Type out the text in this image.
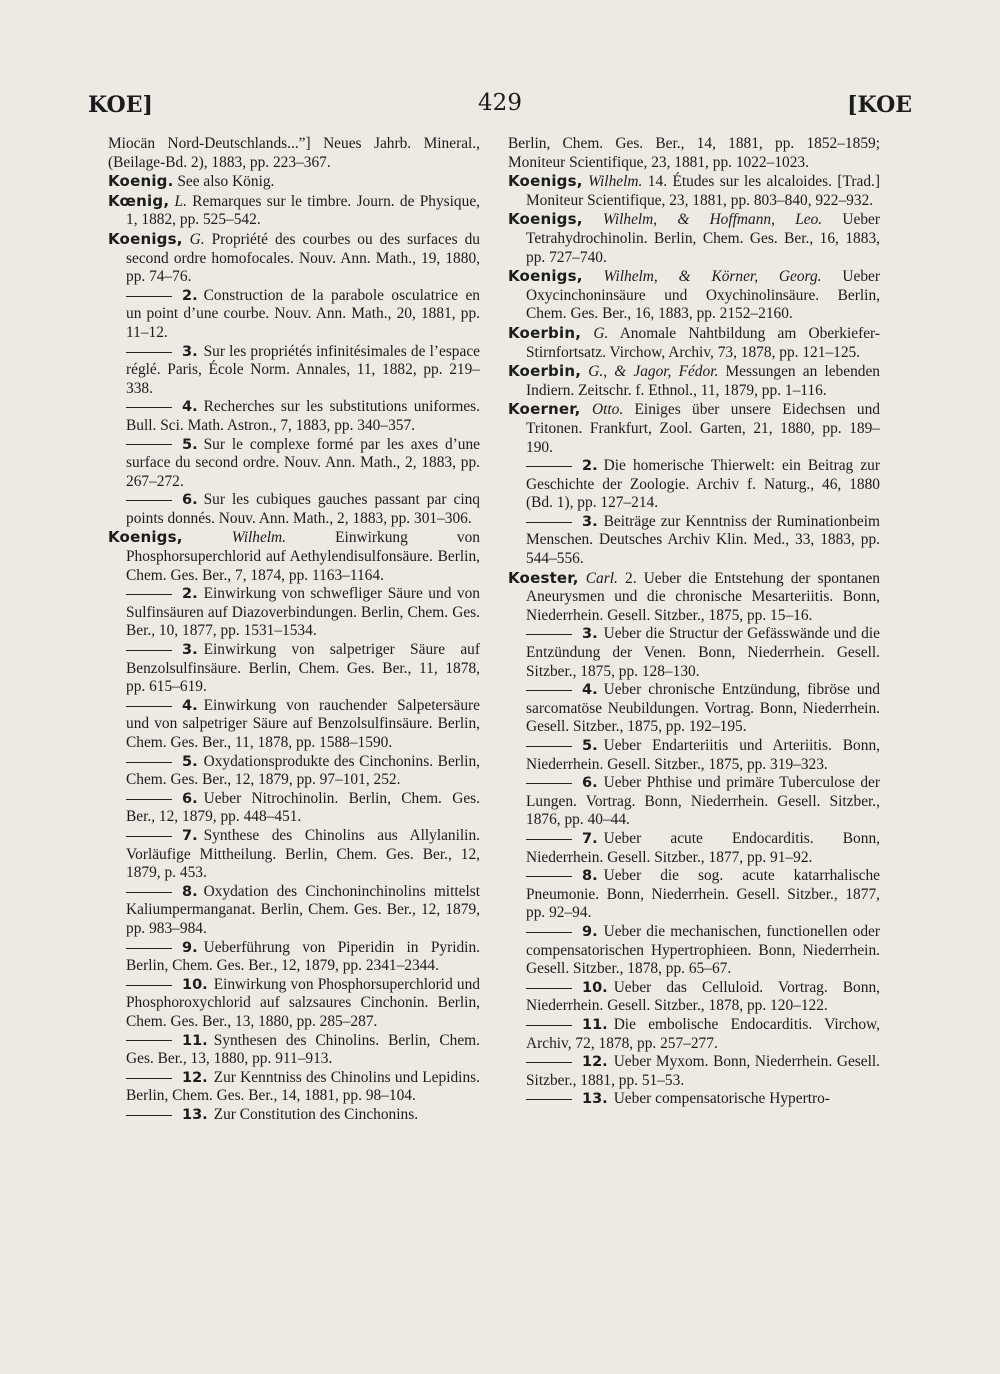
KOE]	429	[KOE

Miocän Nord-Deutschlands...”] Neues Jahrb. Mineral., (Beilage-Bd. 2), 1883, pp. 223–367.

Koenig. See also König.

Kœnig, L. Remarques sur le timbre. Journ. de Physique, 1, 1882, pp. 525–542.

Koenigs, G. Propriété des courbes ou des surfaces du second ordre homofocales. Nouv. Ann. Math., 19, 1880, pp. 74–76.

2. Construction de la parabole osculatrice en un point d’une courbe. Nouv. Ann. Math., 20, 1881, pp. 11–12.

3. Sur les propriétés infinitésimales de l’espace réglé. Paris, École Norm. Annales, 11, 1882, pp. 219–338.

4. Recherches sur les substitutions uniformes. Bull. Sci. Math. Astron., 7, 1883, pp. 340–357.

5. Sur le complexe formé par les axes d’une surface du second ordre. Nouv. Ann. Math., 2, 1883, pp. 267–272.

6. Sur les cubiques gauches passant par cinq points donnés. Nouv. Ann. Math., 2, 1883, pp. 301–306.

Koenigs,	Wilhelm.	Einwirkung von Phosphorsuperchlorid auf Aethylendisulfonsäure. Berlin, Chem. Ges. Ber., 7, 1874, pp. 1163–1164.

2. Einwirkung von schwefliger Säure und von Sulfinsäuren auf Diazoverbindungen. Berlin, Chem. Ges. Ber., 10, 1877, pp. 1531–1534.

3. Einwirkung von salpetriger Säure auf Benzolsulfinsäure. Berlin, Chem. Ges. Ber., 11, 1878, pp. 615–619.

4. Einwirkung von rauchender Salpetersäure und von salpetriger Säure auf Benzolsulfinsäure. Berlin, Chem. Ges. Ber., 11, 1878, pp. 1588–1590.

5. Oxydationsprodukte des Cinchonins. Berlin, Chem. Ges. Ber., 12, 1879, pp. 97–101, 252.

6. Ueber Nitrochinolin. Berlin, Chem. Ges. Ber., 12, 1879, pp. 448–451.

7. Synthese des Chinolins aus Allylanilin. Vorläufige Mittheilung. Berlin, Chem. Ges. Ber., 12, 1879, p. 453.

8. Oxydation des Cinchoninchinolins mittelst Kaliumpermanganat. Berlin, Chem. Ges. Ber., 12, 1879, pp. 983–984.

9. Ueberführung von Piperidin in Pyridin. Berlin, Chem. Ges. Ber., 12, 1879, pp. 2341–2344.

10. Einwirkung von Phosphorsuperchlorid und Phosphoroxychlorid auf salzsaures Cinchonin. Berlin, Chem. Ges. Ber., 13, 1880, pp. 285–287.

11. Synthesen des Chinolins. Berlin, Chem. Ges. Ber., 13, 1880, pp. 911–913.

12. Zur Kenntniss des Chinolins und Lepidins. Berlin, Chem. Ges. Ber., 14, 1881, pp. 98–104.

13. Zur Constitution des Cinchonins.

Berlin, Chem. Ges. Ber., 14, 1881, pp. 1852–1859; Moniteur Scientifique, 23, 1881, pp. 1022–1023.

Koenigs, Wilhelm. 14. Études sur les alcaloides. [Trad.] Moniteur Scientifique, 23, 1881, pp. 803–840, 922–932.

Koenigs, Wilhelm, & Hoffmann, Leo. Ueber Tetrahydrochinolin. Berlin, Chem. Ges. Ber., 16, 1883, pp. 727–740.

Koenigs, Wilhelm, & Körner, Georg. Ueber Oxycinchoninsäure und Oxychinolinsäure. Berlin, Chem. Ges. Ber., 16, 1883, pp. 2152–2160.

Koerbin, G. Anomale Nahtbildung am Oberkiefer-Stirnfortsatz. Virchow, Archiv, 73, 1878, pp. 121–125.

Koerbin, G., & Jagor, Fédor. Messungen an lebenden Indiern. Zeitschr. f. Ethnol., 11, 1879, pp. 1–116.

Koerner, Otto. Einiges über unsere Eidechsen und Tritonen. Frankfurt, Zool. Garten, 21, 1880, pp. 189–190.

2. Die homerische Thierwelt: ein Beitrag zur Geschichte der Zoologie. Archiv f. Naturg., 46, 1880 (Bd. 1), pp. 127–214.

3. Beiträge zur Kenntniss der Ruminationbeim Menschen. Deutsches Archiv Klin. Med., 33, 1883, pp. 544–556.

Koester, Carl. 2. Ueber die Entstehung der spontanen Aneurysmen und die chronische Mesarteriitis. Bonn, Niederrhein. Gesell. Sitzber., 1875, pp. 15–16.

3. Ueber die Structur der Gefässwände und die Entzündung der Venen. Bonn, Niederrhein. Gesell. Sitzber., 1875, pp. 128–130.

4. Ueber chronische Entzündung, fibröse und sarcomatöse Neubildungen. Vortrag. Bonn, Niederrhein. Gesell. Sitzber., 1875, pp. 192–195.

5. Ueber Endarteriitis und Arteriitis. Bonn, Niederrhein. Gesell. Sitzber., 1875, pp. 319–323.

6. Ueber Phthise und primäre Tuberculose der Lungen. Vortrag. Bonn, Niederrhein. Gesell. Sitzber., 1876, pp. 40–44.

7. Ueber acute Endocarditis. Bonn, Niederrhein. Gesell. Sitzber., 1877, pp. 91–92.

8. Ueber die sog. acute katarrhalische Pneumonie. Bonn, Niederrhein. Gesell. Sitzber., 1877, pp. 92–94.

9. Ueber die mechanischen, functionellen oder compensatorischen Hypertrophieen. Bonn, Niederrhein. Gesell. Sitzber., 1878, pp. 65–67.

10. Ueber das Celluloid. Vortrag. Bonn, Niederrhein. Gesell. Sitzber., 1878, pp. 120–122.

11. Die embolische Endocarditis. Virchow, Archiv, 72, 1878, pp. 257–277.

12. Ueber Myxom. Bonn, Niederrhein. Gesell. Sitzber., 1881, pp. 51–53.

13. Ueber compensatorische Hypertro-
